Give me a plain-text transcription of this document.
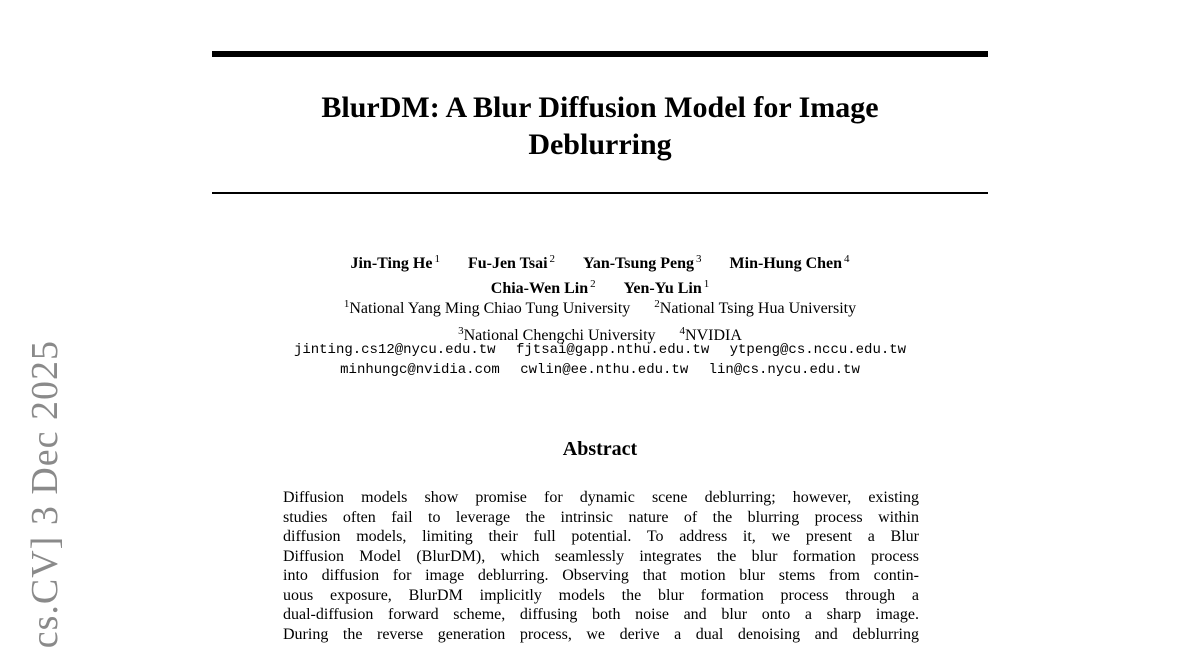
cs.CV] 3 Dec 2025
BlurDM: A Blur Diffusion Model for Image
Deblurring
Jin-Ting He $^1$ Fu-Jen Tsai $^2$ Yan-Tsung Peng $^3$ Min-Hung Chen $^4$
Chia-Wen Lin $^2$ Yen-Yu Lin $^1$
$^1$National Yang Ming Chiao Tung University $^2$National Tsing Hua University
$^3$National Chengchi University $^4$NVIDIA
jinting.cs12@nycu.edu.tw fjtsai@gapp.nthu.edu.tw ytpeng@cs.nccu.edu.tw
minhungc@nvidia.com cwlin@ee.nthu.edu.tw lin@cs.nycu.edu.tw
Abstract
Diffusion models show promise for dynamic scene deblurring; however, existing
studies often fail to leverage the intrinsic nature of the blurring process within
diffusion models, limiting their full potential. To address it, we present a Blur
Diffusion Model (BlurDM), which seamlessly integrates the blur formation process
into diffusion for image deblurring. Observing that motion blur stems from contin-
uous exposure, BlurDM implicitly models the blur formation process through a
dual-diffusion forward scheme, diffusing both noise and blur onto a sharp image.
During the reverse generation process, we derive a dual denoising and deblurring
